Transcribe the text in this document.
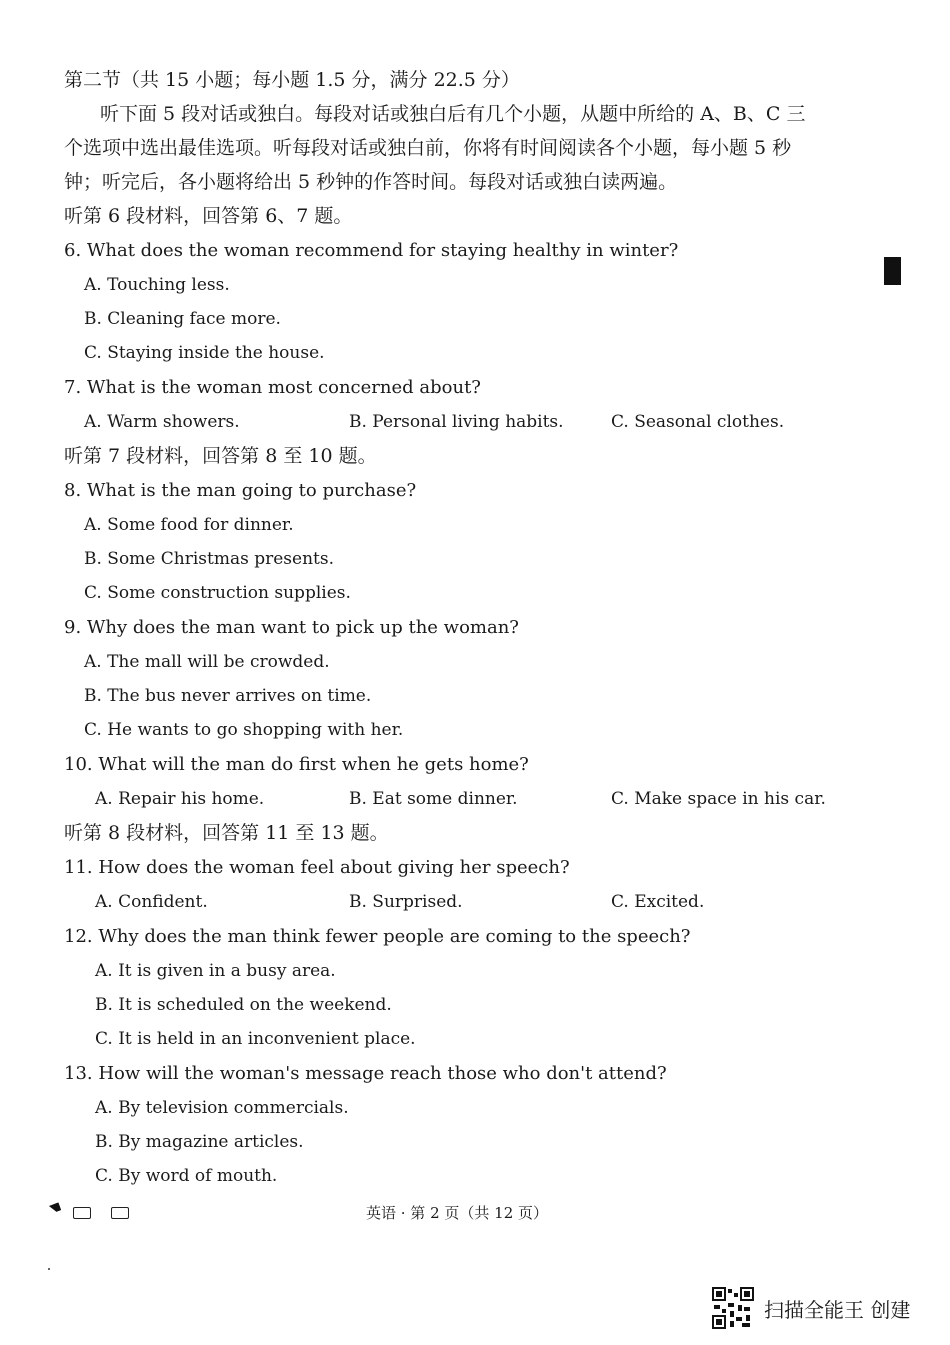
第二节（共 15 小题；每小题 1.5 分，满分 22.5 分）
听下面 5 段对话或独白。每段对话或独白后有几个小题，从题中所给的 A、B、C 三
个选项中选出最佳选项。听每段对话或独白前，你将有时间阅读各个小题，每小题 5 秒
钟；听完后，各小题将给出 5 秒钟的作答时间。每段对话或独白读两遍。
听第 6 段材料，回答第 6、7 题。
6. What does the woman recommend for staying healthy in winter?
A. Touching less.
B. Cleaning face more.
C. Staying inside the house.
7. What is the woman most concerned about?
A. Warm showers.	B. Personal living habits.	C. Seasonal clothes.
听第 7 段材料，回答第 8 至 10 题。
8. What is the man going to purchase?
A. Some food for dinner.
B. Some Christmas presents.
C. Some construction supplies.
9. Why does the man want to pick up the woman?
A. The mall will be crowded.
B. The bus never arrives on time.
C. He wants to go shopping with her.
10. What will the man do first when he gets home?
A. Repair his home.	B. Eat some dinner.	C. Make space in his car.
听第 8 段材料，回答第 11 至 13 题。
11. How does the woman feel about giving her speech?
A. Confident.	B. Surprised.	C. Excited.
12. Why does the man think fewer people are coming to the speech?
A. It is given in a busy area.
B. It is scheduled on the weekend.
C. It is held in an inconvenient place.
13. How will the woman's message reach those who don't attend?
A. By television commercials.
B. By magazine articles.
C. By word of mouth.
英语 · 第 2 页（共 12 页）
扫描全能王 创建
